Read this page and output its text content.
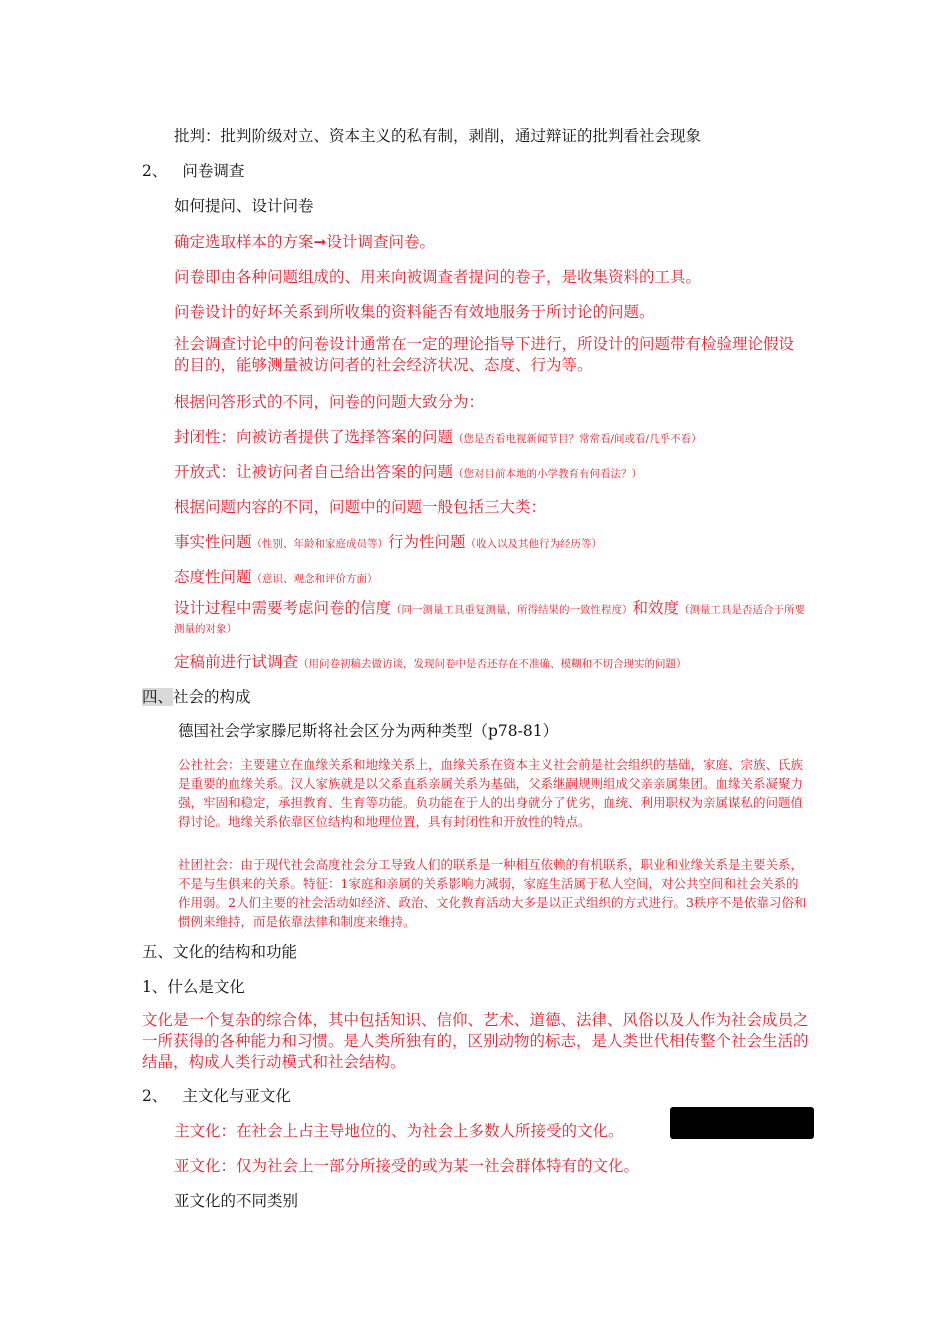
批判：批判阶级对立、资本主义的私有制，剥削，通过辩证的批判看社会现象
2、 问卷调查
如何提问、设计问卷
确定选取样本的方案➞设计调查问卷。
问卷即由各种问题组成的、用来向被调查者提问的卷子，是收集资料的工具。
问卷设计的好坏关系到所收集的资料能否有效地服务于所讨论的问题。
社会调查讨论中的问卷设计通常在一定的理论指导下进行，所设计的问题带有检验理论假设的目的，能够测量被访问者的社会经济状况、态度、行为等。
根据问答形式的不同，问卷的问题大致分为：
封闭性：向被访者提供了选择答案的问题（您是否看电视新闻节目？常常看/间或看/几乎不看）
开放式：让被访问者自己给出答案的问题（您对目前本地的小学教育有何看法？）
根据问题内容的不同，问题中的问题一般包括三大类：
事实性问题（性别、年龄和家庭成员等）行为性问题（收入以及其他行为经历等）
态度性问题（意识、观念和评价方面）
设计过程中需要考虑问卷的信度（同一测量工具重复测量，所得结果的一致性程度）和效度（测量工具是否适合于所要测量的对象）
定稿前进行试调查（用问卷初稿去做访谈，发现问卷中是否还存在不准确、模糊和不切合现实的问题）
四、社会的构成
德国社会学家滕尼斯将社会区分为两种类型（p78-81）
公社社会：主要建立在血缘关系和地缘关系上，血缘关系在资本主义社会前是社会组织的基础，家庭、宗族、氏族是重要的血缘关系。汉人家族就是以父系直系亲属关系为基础，父系继嗣规则组成父亲亲属集团。血缘关系凝聚力强，牢固和稳定，承担教育、生育等功能。负功能在于人的出身就分了优劣，血统、利用职权为亲属谋私的问题值得讨论。地缘关系依靠区位结构和地理位置，具有封闭性和开放性的特点。
社团社会：由于现代社会高度社会分工导致人们的联系是一种相互依赖的有机联系，职业和业缘关系是主要关系，不是与生俱来的关系。特征：1家庭和亲属的关系影响力减弱，家庭生活属于私人空间，对公共空间和社会关系的作用弱。2人们主要的社会活动如经济、政治、文化教育活动大多是以正式组织的方式进行。3秩序不是依靠习俗和惯例来维持，而是依靠法律和制度来维持。
五、文化的结构和功能
1、什么是文化
文化是一个复杂的综合体，其中包括知识、信仰、艺术、道德、法律、风俗以及人作为社会成员之一所获得的各种能力和习惯。是人类所独有的，区别动物的标志，是人类世代相传整个社会生活的结晶，构成人类行动模式和社会结构。
2、 主文化与亚文化
主文化：在社会上占主导地位的、为社会上多数人所接受的文化。
亚文化：仅为社会上一部分所接受的或为某一社会群体特有的文化。
亚文化的不同类别
